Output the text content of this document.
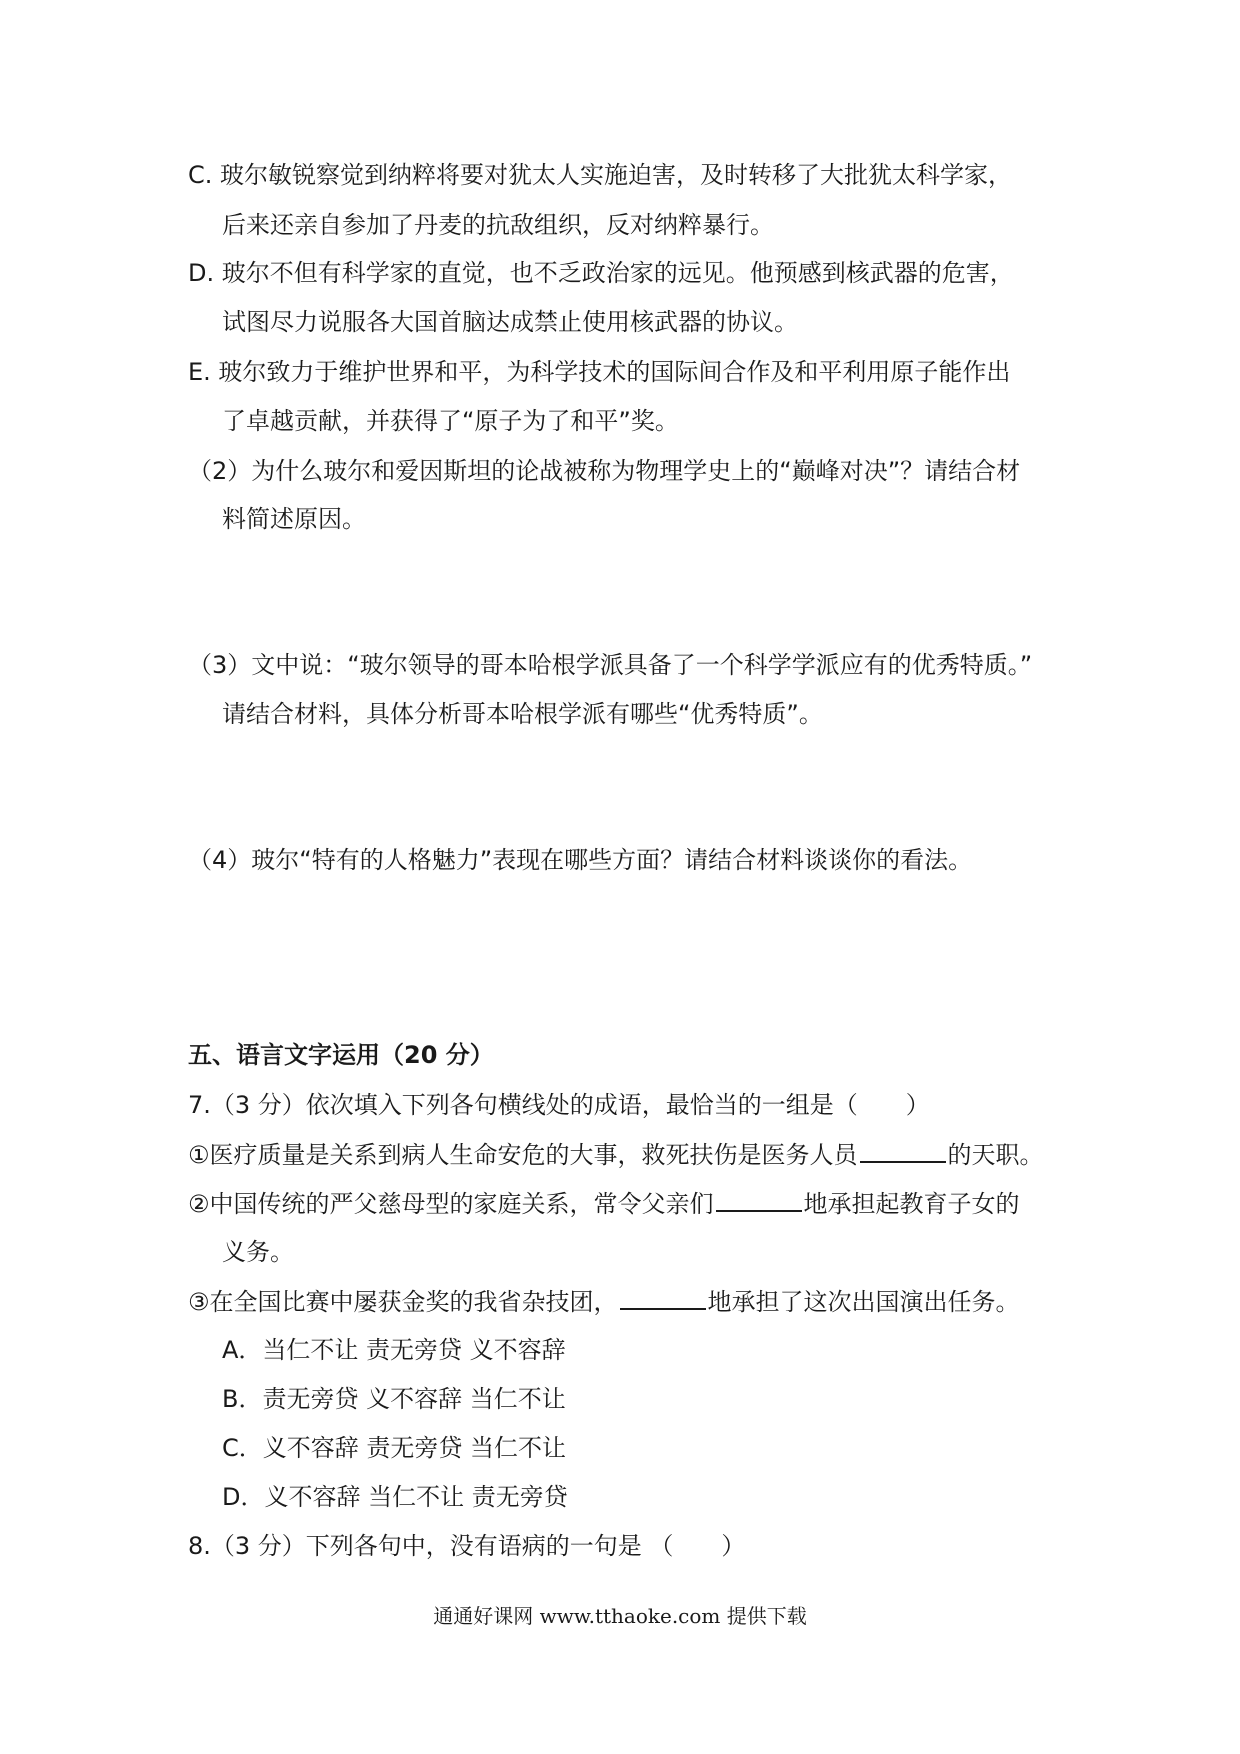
C. 玻尔敏锐察觉到纳粹将要对犹太人实施迫害，及时转移了大批犹太科学家，
后来还亲自参加了丹麦的抗敌组织，反对纳粹暴行。
D. 玻尔不但有科学家的直觉，也不乏政治家的远见。他预感到核武器的危害，
试图尽力说服各大国首脑达成禁止使用核武器的协议。
E. 玻尔致力于维护世界和平，为科学技术的国际间合作及和平利用原子能作出
了卓越贡献，并获得了“原子为了和平”奖。
（2）为什么玻尔和爱因斯坦的论战被称为物理学史上的“巅峰对决”？请结合材
料简述原因。
（3）文中说：“玻尔领导的哥本哈根学派具备了一个科学学派应有的优秀特质。”
请结合材料，具体分析哥本哈根学派有哪些“优秀特质”。
（4）玻尔“特有的人格魅力”表现在哪些方面？请结合材料谈谈你的看法。
五、语言文字运用（20 分）
7.（3 分）依次填入下列各句横线处的成语，最恰当的一组是（　　）
①医疗质量是关系到病人生命安危的大事，救死扶伤是医务人员	的天职。
②中国传统的严父慈母型的家庭关系，常令父亲们	地承担起教育子女的
义务。
③在全国比赛中屡获金奖的我省杂技团，	地承担了这次出国演出任务。
A．当仁不让 责无旁贷 义不容辞
B．责无旁贷 义不容辞 当仁不让
C．义不容辞 责无旁贷 当仁不让
D．义不容辞 当仁不让 责无旁贷
8.（3 分）下列各句中，没有语病的一句是 （　　）
通通好课网 www.tthaoke.com 提供下载
